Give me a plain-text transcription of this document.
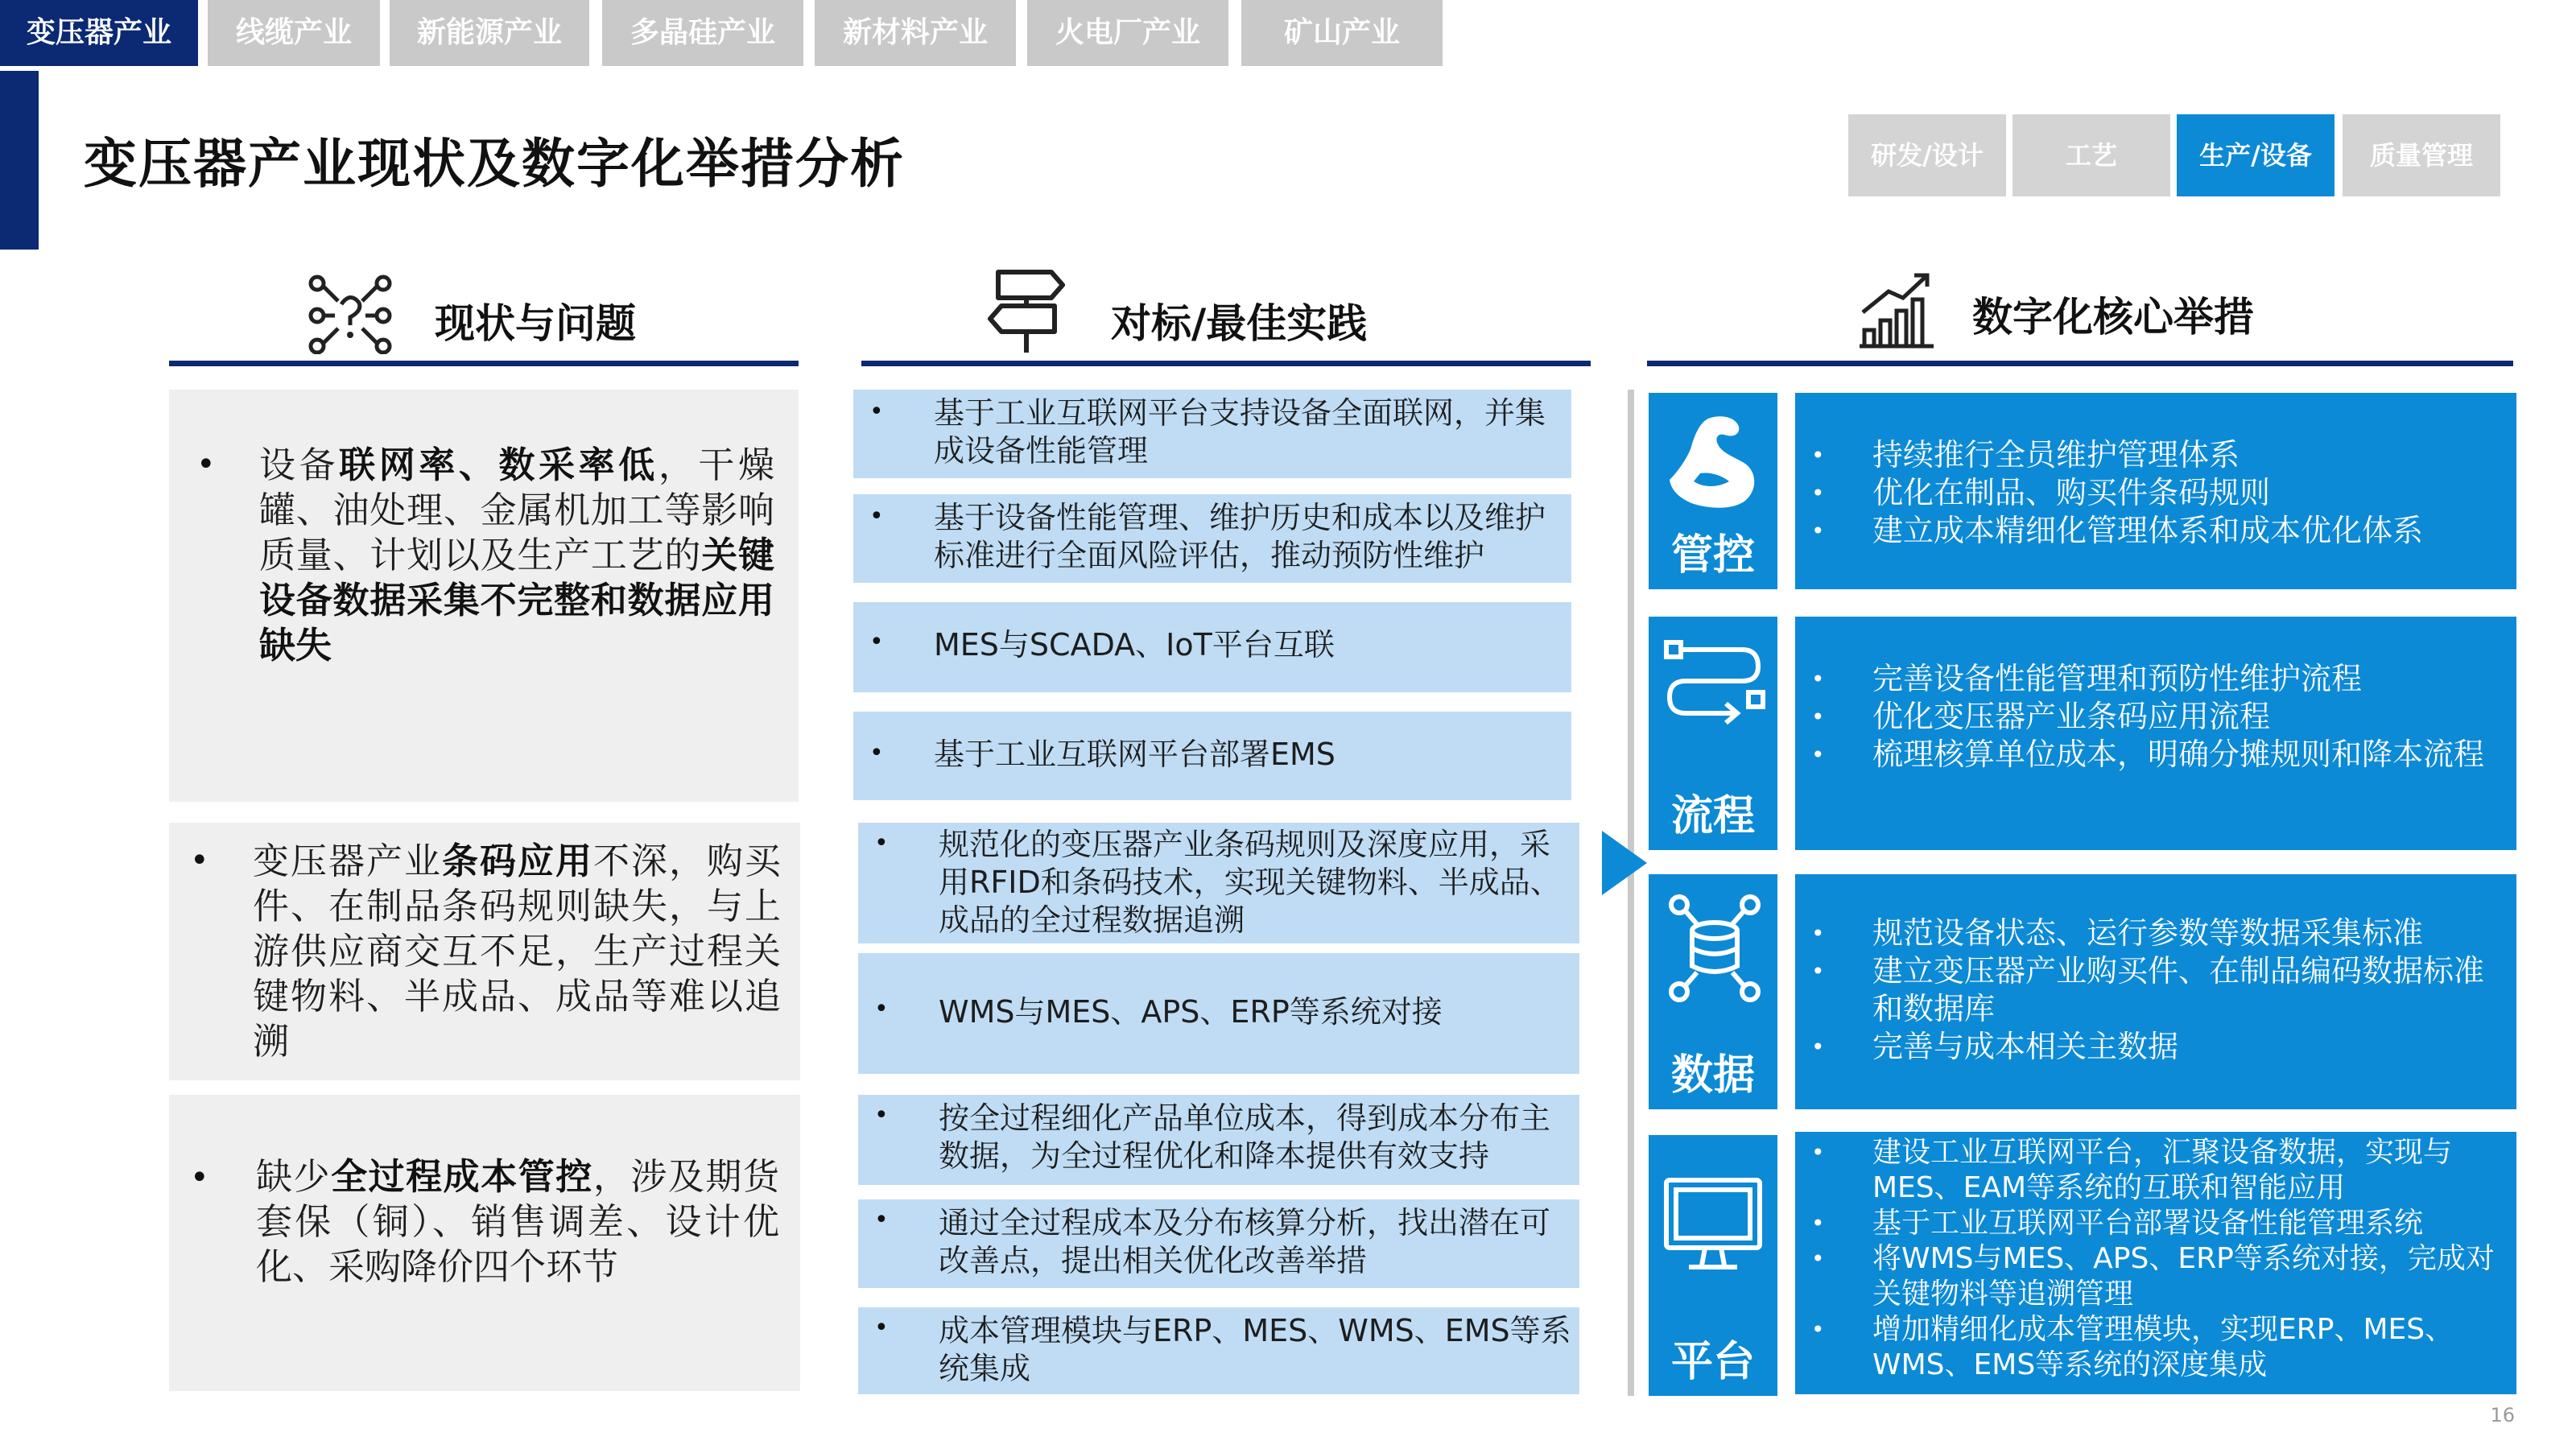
变压器产业	线缆产业	新能源产业	多晶硅产业	新材料产业	火电厂产业	矿山产业
变压器产业现状及数字化举措分析	研发/设计	工艺	生产/设备	质量管理
现状与问题	对标/最佳实践	数字化核心举措
• 设备联网率、数采率低，干燥罐、油处理、金属机加工等影响质量、计划以及生产工艺的关键设备数据采集不完整和数据应用缺失
• 变压器产业条码应用不深，购买件、在制品条码规则缺失，与上游供应商交互不足，生产过程关键物料、半成品、成品等难以追溯
• 缺少全过程成本管控，涉及期货套保（铜）、销售调差、设计优化、采购降价四个环节
• 基于工业互联网平台支持设备全面联网，并集成设备性能管理
• 基于设备性能管理、维护历史和成本以及维护标准进行全面风险评估，推动预防性维护
• MES与SCADA、IoT平台互联
• 基于工业互联网平台部署EMS
• 规范化的变压器产业条码规则及深度应用，采用RFID和条码技术，实现关键物料、半成品、成品的全过程数据追溯
• WMS与MES、APS、ERP等系统对接
• 按全过程细化产品单位成本，得到成本分布主数据，为全过程优化和降本提供有效支持
• 通过全过程成本及分布核算分析，找出潜在可改善点，提出相关优化改善举措
• 成本管理模块与ERP、MES、WMS、EMS等系统集成
管控
• 持续推行全员维护管理体系
• 优化在制品、购买件条码规则
• 建立成本精细化管理体系和成本优化体系
流程
• 完善设备性能管理和预防性维护流程
• 优化变压器产业条码应用流程
• 梳理核算单位成本，明确分摊规则和降本流程
数据
• 规范设备状态、运行参数等数据采集标准
• 建立变压器产业购买件、在制品编码数据标准和数据库
• 完善与成本相关主数据
平台
• 建设工业互联网平台，汇聚设备数据，实现与MES、EAM等系统的互联和智能应用
• 基于工业互联网平台部署设备性能管理系统
• 将WMS与MES、APS、ERP等系统对接，完成对关键物料等追溯管理
• 增加精细化成本管理模块，实现ERP、MES、WMS、EMS等系统的深度集成
16
